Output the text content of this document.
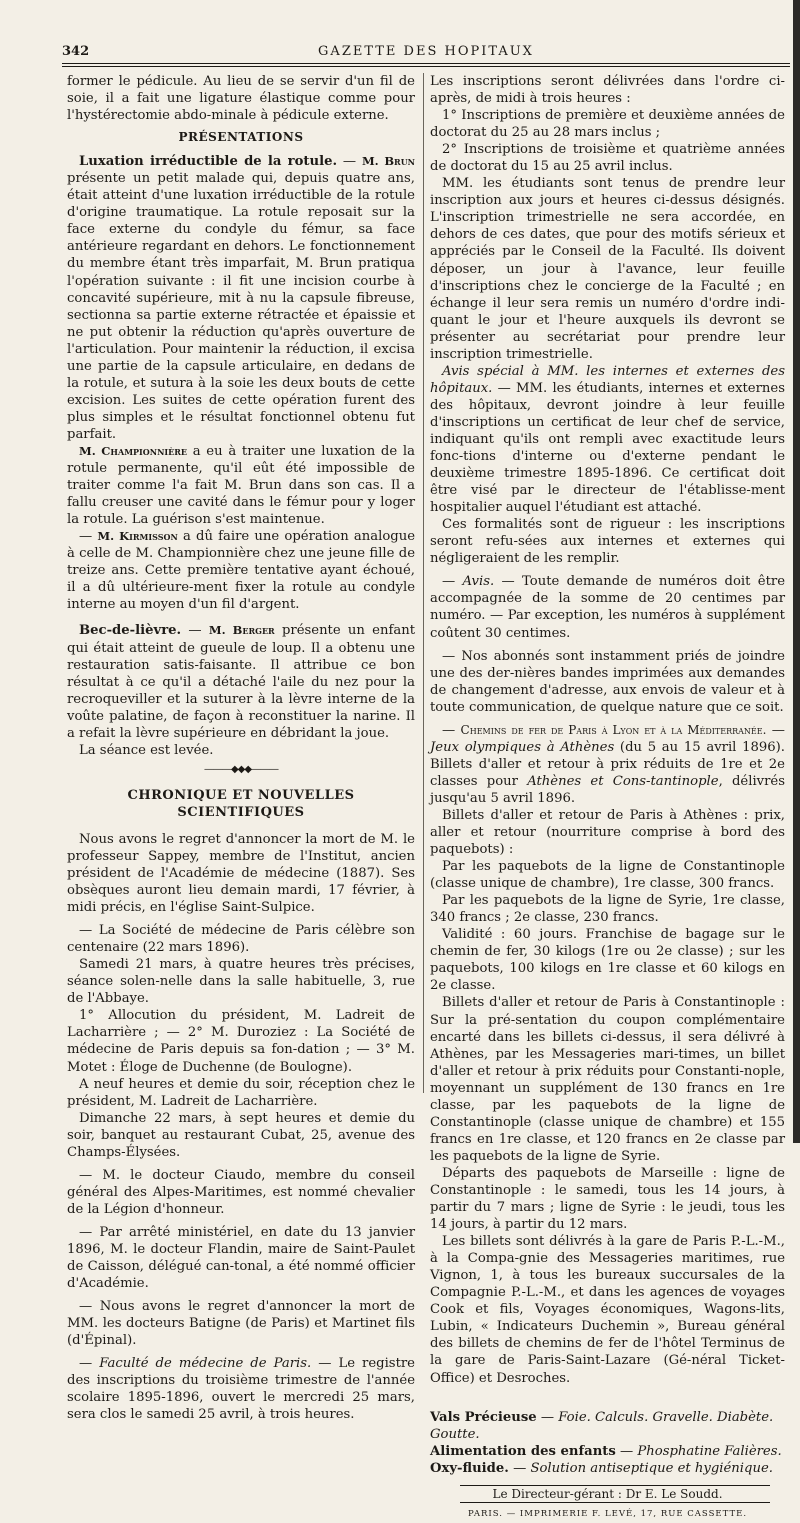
GAZETTE DES HOPITAUX
342

former le pédicule. Au lieu de se servir d'un fil de soie, il a fait une ligature élastique comme pour l'hystérectomie abdo-minale à pédicule externe.

PRÉSENTATIONS

Luxation irréductible de la rotule. — M. Brun présente un petit malade qui, depuis quatre ans, était atteint d'une luxation irréductible de la rotule d'origine traumatique. La rotule reposait sur la face externe du condyle du fémur, sa face antérieure regardant en dehors. Le fonctionnement du membre étant très imparfait, M. Brun pratiqua l'opération suivante : il fit une incision courbe à concavité supérieure, mit à nu la capsule fibreuse, sectionna sa partie externe rétractée et épaissie et ne put obtenir la réduction qu'après ouverture de l'articulation. Pour maintenir la réduction, il excisa une partie de la capsule articulaire, en dedans de la rotule, et sutura à la soie les deux bouts de cette excision. Les suites de cette opération furent des plus simples et le résultat fonctionnel obtenu fut parfait.

M. Championnière a eu à traiter une luxation de la rotule permanente, qu'il eût été impossible de traiter comme l'a fait M. Brun dans son cas. Il a fallu creuser une cavité dans le fémur pour y loger la rotule. La guérison s'est maintenue.

— M. Kirmisson a dû faire une opération analogue à celle de M. Championnière chez une jeune fille de treize ans. Cette première tentative ayant échoué, il a dû ultérieure-ment fixer la rotule au condyle interne au moyen d'un fil d'argent.

Bec-de-lièvre. — M. Berger présente un enfant qui était atteint de gueule de loup. Il a obtenu une restauration satis-faisante. Il attribue ce bon résultat à ce qu'il a détaché l'aile du nez pour la recroqueviller et la suturer à la lèvre interne de la voûte palatine, de façon à reconstituer la narine. Il a refait la lèvre supérieure en débridant la joue.

La séance est levée.

———◆◆◆———

CHRONIQUE ET NOUVELLES SCIENTIFIQUES

Nous avons le regret d'annoncer la mort de M. le professeur Sappey, membre de l'Institut, ancien président de l'Académie de médecine (1887). Ses obsèques auront lieu demain mardi, 17 février, à midi précis, en l'église Saint-Sulpice.

— La Société de médecine de Paris célèbre son centenaire (22 mars 1896).

Samedi 21 mars, à quatre heures très précises, séance solen-nelle dans la salle habituelle, 3, rue de l'Abbaye.

1° Allocution du président, M. Ladreit de Lacharrière ; — 2° M. Duroziez : La Société de médecine de Paris depuis sa fon-dation ; — 3° M. Motet : Éloge de Duchenne (de Boulogne).

A neuf heures et demie du soir, réception chez le président, M. Ladreit de Lacharrière.

Dimanche 22 mars, à sept heures et demie du soir, banquet au restaurant Cubat, 25, avenue des Champs-Élysées.

— M. le docteur Ciaudo, membre du conseil général des Alpes-Maritimes, est nommé chevalier de la Légion d'honneur.

— Par arrêté ministériel, en date du 13 janvier 1896, M. le docteur Flandin, maire de Saint-Paulet de Caisson, délégué can-tonal, a été nommé officier d'Académie.

— Nous avons le regret d'annoncer la mort de MM. les docteurs Batigne (de Paris) et Martinet fils (d'Épinal).

— Faculté de médecine de Paris. — Le registre des inscriptions du troisième trimestre de l'année scolaire 1895-1896, ouvert le mercredi 25 mars, sera clos le samedi 25 avril, à trois heures.

Les inscriptions seront délivrées dans l'ordre ci-après, de midi à trois heures :

1° Inscriptions de première et deuxième années de doctorat du 25 au 28 mars inclus ;

2° Inscriptions de troisième et quatrième années de doctorat du 15 au 25 avril inclus.

MM. les étudiants sont tenus de prendre leur inscription aux jours et heures ci-dessus désignés. L'inscription trimestrielle ne sera accordée, en dehors de ces dates, que pour des motifs sérieux et appréciés par le Conseil de la Faculté. Ils doivent déposer, un jour à l'avance, leur feuille d'inscriptions chez le concierge de la Faculté ; en échange il leur sera remis un numéro d'ordre indi-quant le jour et l'heure auxquels ils devront se présenter au secrétariat pour prendre leur inscription trimestrielle.

Avis spécial à MM. les internes et externes des hôpitaux. — MM. les étudiants, internes et externes des hôpitaux, devront joindre à leur feuille d'inscriptions un certificat de leur chef de service, indiquant qu'ils ont rempli avec exactitude leurs fonc-tions d'interne ou d'externe pendant le deuxième trimestre 1895-1896. Ce certificat doit être visé par le directeur de l'établisse-ment hospitalier auquel l'étudiant est attaché.

Ces formalités sont de rigueur : les inscriptions seront refu-sées aux internes et externes qui négligeraient de les remplir.

— Avis. — Toute demande de numéros doit être accompagnée de la somme de 20 centimes par numéro. — Par exception, les numéros à supplément coûtent 30 centimes.

— Nos abonnés sont instamment priés de joindre une des der-nières bandes imprimées aux demandes de changement d'adresse, aux envois de valeur et à toute communication, de quelque nature que ce soit.

— Chemins de fer de Paris à Lyon et à la Méditerranée. — Jeux olympiques à Athènes (du 5 au 15 avril 1896). Billets d'aller et retour à prix réduits de 1re et 2e classes pour Athènes et Cons-tantinople, délivrés jusqu'au 5 avril 1896.

Billets d'aller et retour de Paris à Athènes : prix, aller et retour (nourriture comprise à bord des paquebots) :

Par les paquebots de la ligne de Constantinople (classe unique de chambre), 1re classe, 300 francs.

Par les paquebots de la ligne de Syrie, 1re classe, 340 francs ; 2e classe, 230 francs.

Validité : 60 jours. Franchise de bagage sur le chemin de fer, 30 kilogs (1re ou 2e classe) ; sur les paquebots, 100 kilogs en 1re classe et 60 kilogs en 2e classe.

Billets d'aller et retour de Paris à Constantinople : Sur la pré-sentation du coupon complémentaire encarté dans les billets ci-dessus, il sera délivré à Athènes, par les Messageries mari-times, un billet d'aller et retour à prix réduits pour Constanti-nople, moyennant un supplément de 130 francs en 1re classe, par les paquebots de la ligne de Constantinople (classe unique de chambre) et 155 francs en 1re classe, et 120 francs en 2e classe par les paquebots de la ligne de Syrie.

Départs des paquebots de Marseille : ligne de Constantinople : le samedi, tous les 14 jours, à partir du 7 mars ; ligne de Syrie : le jeudi, tous les 14 jours, à partir du 12 mars.

Les billets sont délivrés à la gare de Paris P.-L.-M., à la Compa-gnie des Messageries maritimes, rue Vignon, 1, à tous les bureaux succursales de la Compagnie P.-L.-M., et dans les agences de voyages Cook et fils, Voyages économiques, Wagons-lits, Lubin, « Indicateurs Duchemin », Bureau général des billets de chemins de fer de l'hôtel Terminus de la gare de Paris-Saint-Lazare (Gé-néral Ticket-Office) et Desroches.

Vals Précieuse — Foie. Calculs. Gravelle. Diabète. Goutte.

Alimentation des enfants — Phosphatine Falières.

Oxy-fluide. — Solution antiseptique et hygiénique.

Le Directeur-gérant : Dr E. Le Soudd.

PARIS. — IMPRIMERIE F. LEVÉ, 17, RUE CASSETTE.
